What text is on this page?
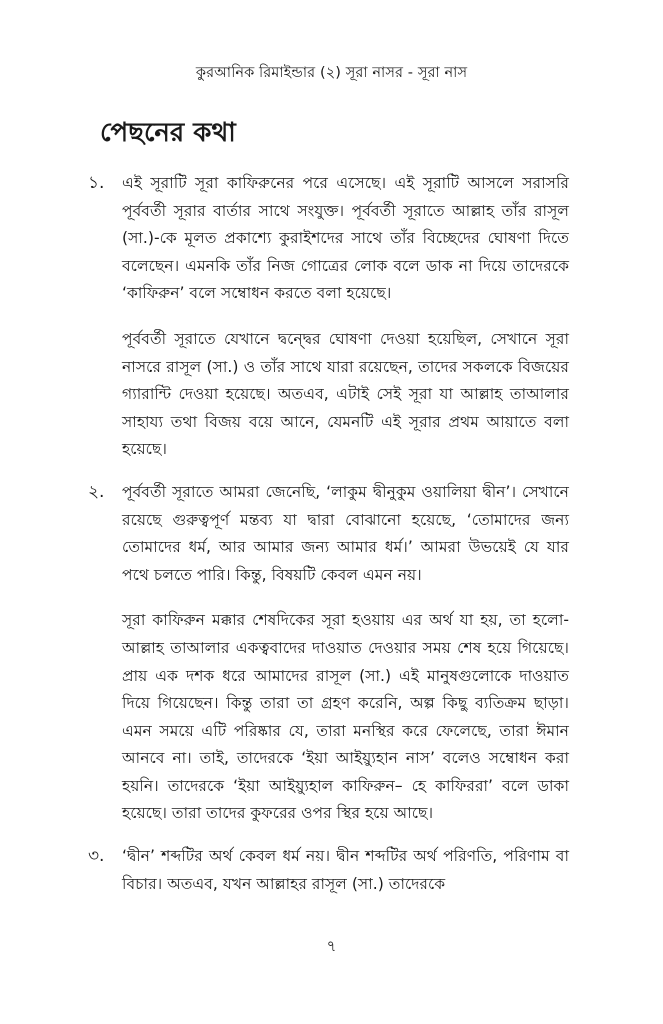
কুরআনিক রিমাইন্ডার (২) সূরা নাসর - সূরা নাস
পেছনের কথা
১. এই সূরাটি সূরা কাফিরুনের পরে এসেছে। এই সূরাটি আসলে সরাসরি পূর্ববর্তী সূরার বার্তার সাথে সংযুক্ত। পূর্ববর্তী সূরাতে আল্লাহ তাঁর রাসূল (সা.)-কে মূলত প্রকাশ্যে কুরাইশদের সাথে তাঁর বিচ্ছেদের ঘোষণা দিতে বলেছেন। এমনকি তাঁর নিজ গোত্রের লোক বলে ডাক না দিয়ে তাদেরকে ‘কাফিরুন’ বলে সম্বোধন করতে বলা হয়েছে।

পূর্ববর্তী সূরাতে যেখানে দ্বন্দ্বের ঘোষণা দেওয়া হয়েছিল, সেখানে সূরা নাসরে রাসূল (সা.) ও তাঁর সাথে যারা রয়েছেন, তাদের সকলকে বিজয়ের গ্যারান্টি দেওয়া হয়েছে। অতএব, এটাই সেই সূরা যা আল্লাহ তাআলার সাহায্য তথা বিজয় বয়ে আনে, যেমনটি এই সূরার প্রথম আয়াতে বলা হয়েছে।

২. পূর্ববর্তী সূরাতে আমরা জেনেছি, ‘লাকুম দ্বীনুকুম ওয়ালিয়া দ্বীন’। সেখানে রয়েছে গুরুত্বপূর্ণ মন্তব্য যা দ্বারা বোঝানো হয়েছে, ‘তোমাদের জন্য তোমাদের ধর্ম, আর আমার জন্য আমার ধর্ম।’ আমরা উভয়েই যে যার পথে চলতে পারি। কিন্তু, বিষয়টি কেবল এমন নয়।

সূরা কাফিরুন মক্কার শেষদিকের সূরা হওয়ায় এর অর্থ যা হয়, তা হলো- আল্লাহ তাআলার একত্ববাদের দাওয়াত দেওয়ার সময় শেষ হয়ে গিয়েছে। প্রায় এক দশক ধরে আমাদের রাসূল (সা.) এই মানুষগুলোকে দাওয়াত দিয়ে গিয়েছেন। কিন্তু তারা তা গ্রহণ করেনি, অল্প কিছু ব্যতিক্রম ছাড়া। এমন সময়ে এটি পরিষ্কার যে, তারা মনস্থির করে ফেলেছে, তারা ঈমান আনবে না। তাই, তাদেরকে ‘ইয়া আইয়্যুহান নাস’ বলেও সম্বোধন করা হয়নি। তাদেরকে ‘ইয়া আইয়্যুহাল কাফিরুন– হে কাফিররা’ বলে ডাকা হয়েছে। তারা তাদের কুফরের ওপর স্থির হয়ে আছে।

৩. ‘দ্বীন’ শব্দটির অর্থ কেবল ধর্ম নয়। দ্বীন শব্দটির অর্থ পরিণতি, পরিণাম বা বিচার। অতএব, যখন আল্লাহর রাসূল (সা.) তাদেরকে

৭
